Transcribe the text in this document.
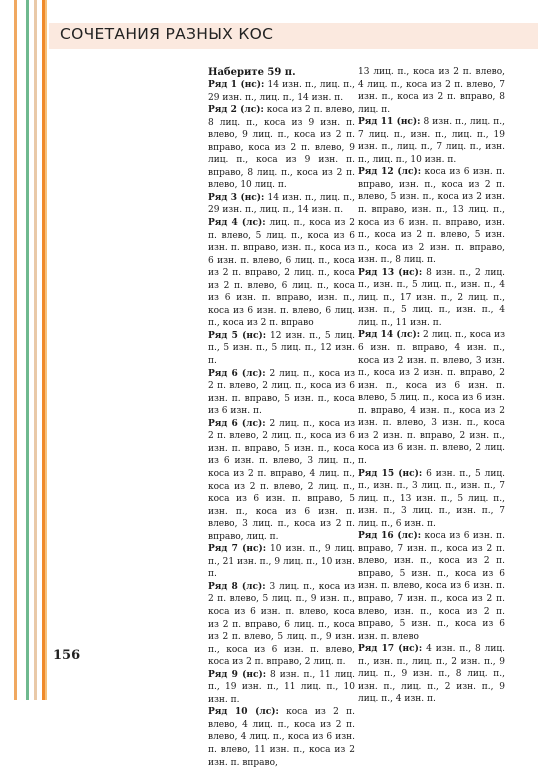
СОЧЕТАНИЯ РАЗНЫХ КОС

Наберите 59 п.

Ряд 1 (нс): 14 изн. п., лиц. п., 29 изн. п., лиц. п., 14 изн. п.

Ряд 2 (лс): коса из 2 п. влево, 8 лиц. п., коса из 9 изн. п. влево, 9 лиц. п., коса из 2 п. вправо, коса из 2 п. влево, 9 лиц. п., коса из 9 изн. п. вправо, 8 лиц. п., коса из 2 п. влево, 10 лиц. п.

Ряд 3 (нс): 14 изн. п., лиц. п., 29 изн. п., лиц. п., 14 изн. п.

Ряд 4 (лс): лиц. п., коса из 2 п. влево, 5 лиц. п., коса из 6 изн. п. вправо, изн. п., коса из 6 изн. п. влево, 6 лиц. п., коса из 2 п. вправо, 2 лиц. п., коса из 2 п. влево, 6 лиц. п., коса из 6 изн. п. вправо, изн. п., коса из 6 изн. п. влево, 6 лиц. п., коса из 2 п. вправо

Ряд 5 (нс): 12 изн. п., 5 лиц. п., 5 изн. п., 5 лиц. п., 12 изн. п.

Ряд 6 (лс): 2 лиц. п., коса из 2 п. влево, 2 лиц. п., коса из 6 изн. п. вправо, 5 изн. п., коса из 6 изн. п.

Ряд 6 (лс): 2 лиц. п., коса из 2 п. влево, 2 лиц. п., коса из 6 изн. п. вправо, 5 изн. п., коса из 6 изн. п. влево, 3 лиц. п., коса из 2 п. вправо, 4 лиц. п., коса из 2 п. влево, 2 лиц. п., коса из 6 изн. п. вправо, 5 изн. п., коса из 6 изн. п. влево, 3 лиц. п., коса из 2 п. вправо, лиц. п.

Ряд 7 (нс): 10 изн. п., 9 лиц. п., 21 изн. п., 9 лиц. п., 10 изн. п.

Ряд 8 (лс): 3 лиц. п., коса из 2 п. влево, 5 лиц. п., 9 изн. п., коса из 6 изн. п. влево, коса из 2 п. вправо, 6 лиц. п., коса из 2 п. влево, 5 лиц. п., 9 изн. п., коса из 6 изн. п. влево, коса из 2 п. вправо, 2 лиц. п.

Ряд 9 (нс): 8 изн. п., 11 лиц. п., 19 изн. п., 11 лиц. п., 10 изн. п.

Ряд 10 (лс): коса из 2 п. влево, 4 лиц. п., коса из 2 п. влево, 4 лиц. п., коса из 6 изн. п. влево, 11 изн. п., коса из 2 изн. п. вправо,

13 лиц. п., коса из 2 п. влево, 4 лиц. п., коса из 2 п. влево, 7 изн. п., коса из 2 п. вправо, 8 лиц. п.

Ряд 11 (нс): 8 изн. п., лиц. п., 7 лиц. п., изн. п., лиц. п., 19 изн. п., лиц. п., 7 лиц. п., изн. п., лиц. п., 10 изн. п.

Ряд 12 (лс): коса из 6 изн. п. вправо, изн. п., коса из 2 п. влево, 5 изн. п., коса из 2 изн. п. вправо, изн. п., 13 лиц. п., коса из 6 изн. п. вправо, изн. п., коса из 2 п. влево, 5 изн. п., коса из 2 изн. п. вправо, изн. п., 8 лиц. п.

Ряд 13 (нс): 8 изн. п., 2 лиц. п., изн. п., 5 лиц. п., изн. п., 4 лиц. п., 17 изн. п., 2 лиц. п., изн. п., 5 лиц. п., изн. п., 4 лиц. п., 11 изн. п.

Ряд 14 (лс): 2 лиц. п., коса из 6 изн. п. вправо, 4 изн. п., коса из 2 изн. п. влево, 3 изн. п., коса из 2 изн. п. вправо, 2 изн. п., коса из 6 изн. п. влево, 5 лиц. п., коса из 6 изн. п. вправо, 4 изн. п., коса из 2 изн. п. влево, 3 изн. п., коса из 2 изн. п. вправо, 2 изн. п., коса из 6 изн. п. влево, 2 лиц. п.

Ряд 15 (нс): 6 изн. п., 5 лиц. п., изн. п., 3 лиц. п., изн. п., 7 лиц. п., 13 изн. п., 5 лиц. п., изн. п., 3 лиц. п., изн. п., 7 лиц. п., 6 изн. п.

Ряд 16 (лс): коса из 6 изн. п. вправо, 7 изн. п., коса из 2 п. влево, изн. п., коса из 2 п. вправо, 5 изн. п., коса из 6 изн. п. влево, коса из 6 изн. п. вправо, 7 изн. п., коса из 2 п. влево, изн. п., коса из 2 п. вправо, 5 изн. п., коса из 6 изн. п. влево

Ряд 17 (нс): 4 изн. п., 8 лиц. п., изн. п., лиц. п., 2 изн. п., 9 лиц. п., 9 изн. п., 8 лиц. п., изн. п., лиц. п., 2 изн. п., 9 лиц. п., 4 изн. п.

156
